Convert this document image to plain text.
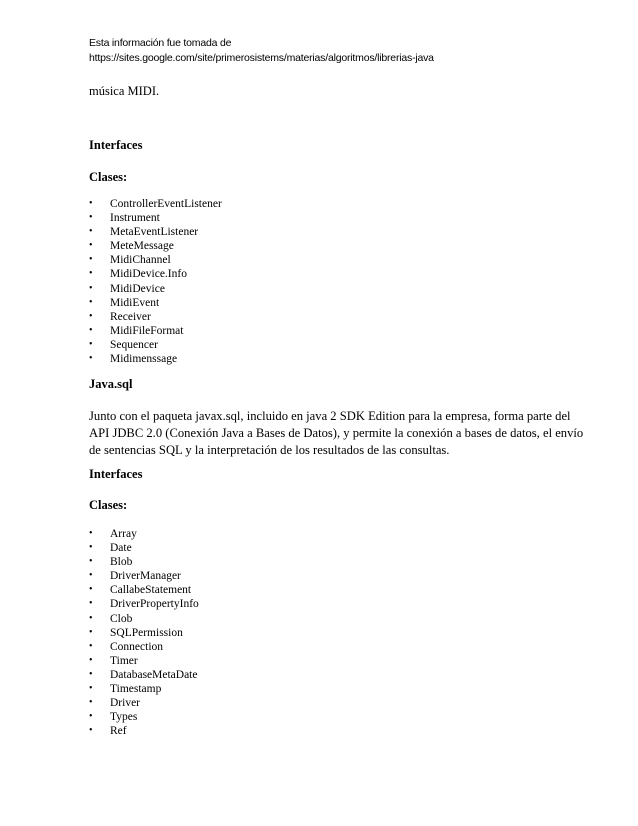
Esta información fue tomada de
https://sites.google.com/site/primerosistems/materias/algoritmos/librerias-java
música MIDI.
Interfaces
Clases:
•	ControllerEventListener
•	Instrument
•	MetaEventListener
•	MeteMessage
•	MidiChannel
•	MidiDevice.Info
•	MidiDevice
•	MidiEvent
•	Receiver
•	MidiFileFormat
•	Sequencer
•	Midimenssage
Java.sql
Junto con el paqueta javax.sql, incluido en java 2 SDK Edition para la empresa, forma parte del
API JDBC 2.0 (Conexión Java a Bases de Datos), y permite la conexión a bases de datos, el envío
de sentencias SQL y la interpretación de los resultados de las consultas.
Interfaces
Clases:
•	Array
•	Date
•	Blob
•	DriverManager
•	CallabeStatement
•	DriverPropertyInfo
•	Clob
•	SQLPermission
•	Connection
•	Timer
•	DatabaseMetaDate
•	Timestamp
•	Driver
•	Types
•	Ref
